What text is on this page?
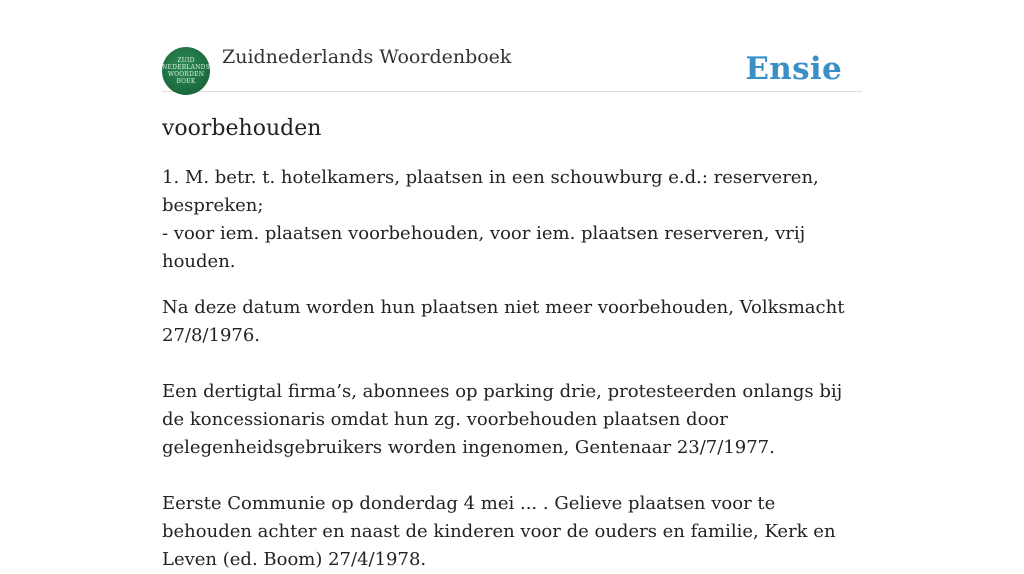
ZUID
NEDERLANDS
WOORDEN
BOEK
Zuidnederlands Woordenboek	Ensie
voorbehouden

1. M. betr. t. hotelkamers, plaatsen in een schouwburg e.d.: reserveren, bespreken;
- voor iem. plaatsen voorbehouden, voor iem. plaatsen reserveren, vrij houden.

Na deze datum worden hun plaatsen niet meer voorbehouden, Volksmacht 27/8/1976.

Een dertigtal firma’s, abonnees op parking drie, protesteerden onlangs bij de koncessionaris omdat hun zg. voorbehouden plaatsen door gelegenheidsgebruikers worden ingenomen, Gentenaar 23/7/1977.

Eerste Communie op donderdag 4 mei ... . Gelieve plaatsen voor te behouden achter en naast de kinderen voor de ouders en familie, Kerk en Leven (ed. Boom) 27/4/1978.
